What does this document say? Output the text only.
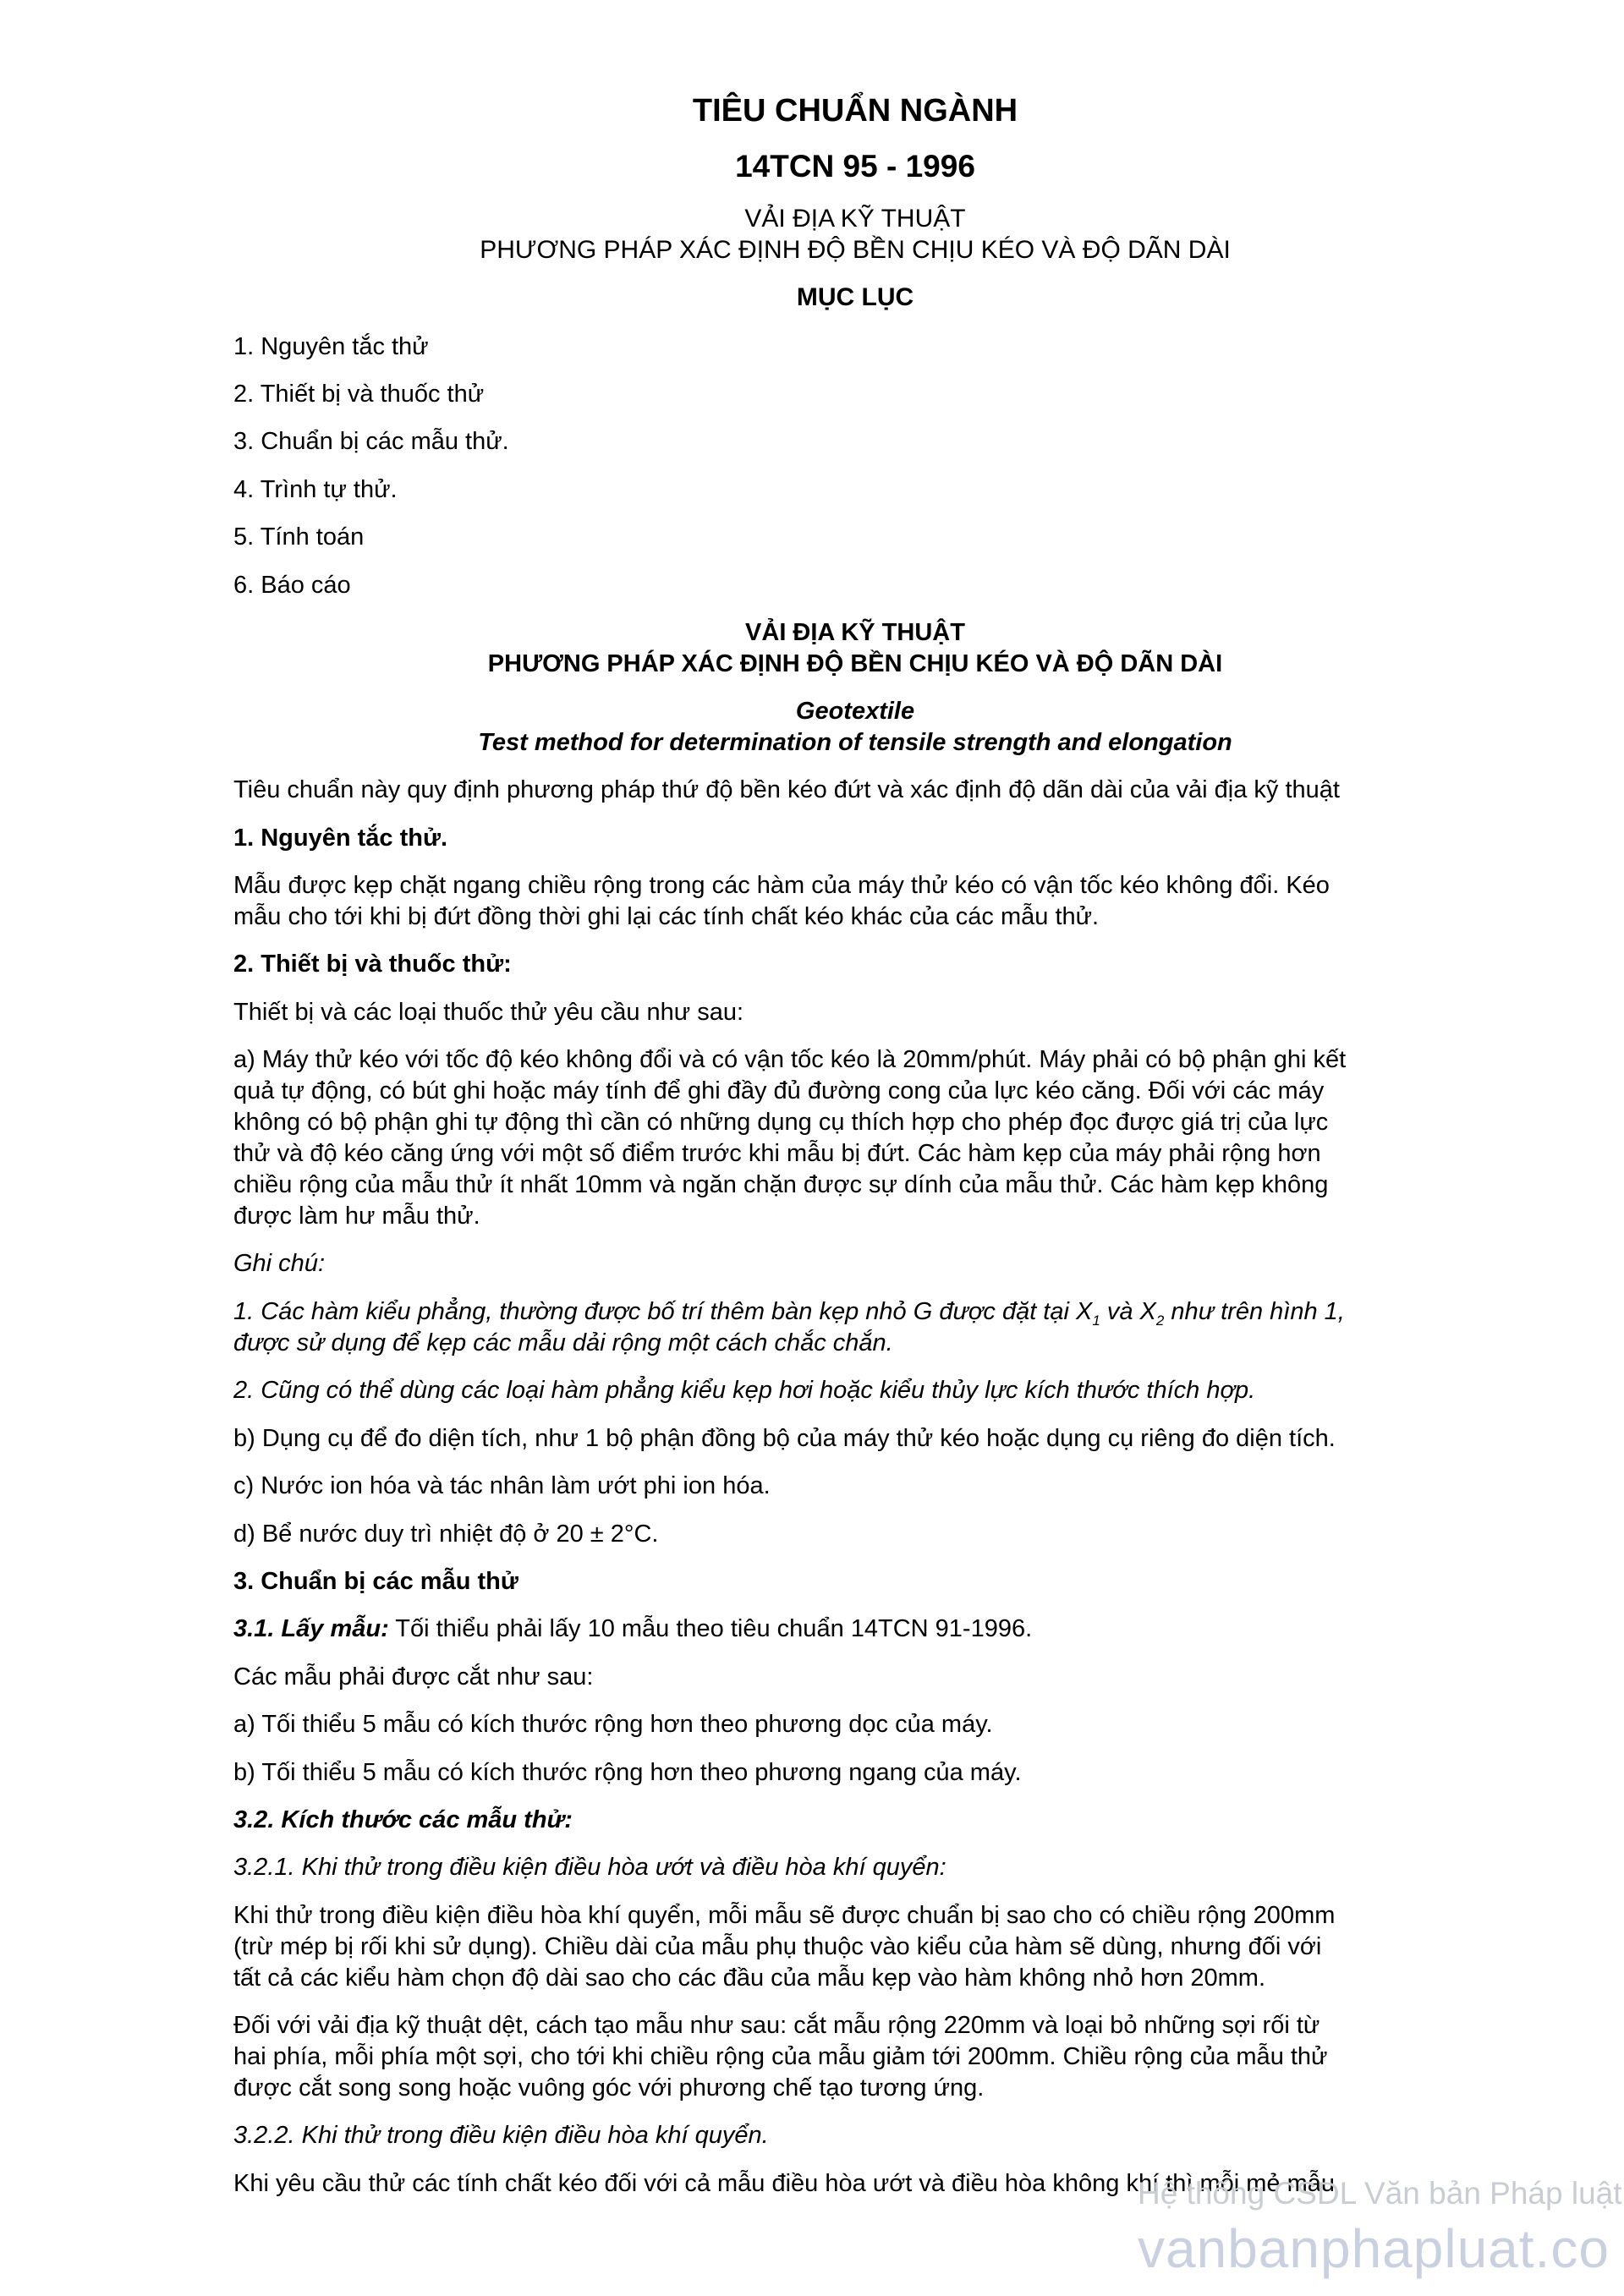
TIÊU CHUẨN NGÀNH
14TCN 95 - 1996
VẢI ĐỊA KỸ THUẬT
PHƯƠNG PHÁP XÁC ĐỊNH ĐỘ BỀN CHỊU KÉO VÀ ĐỘ DÃN DÀI
MỤC LỤC

1. Nguyên tắc thử

2. Thiết bị và thuốc thử

3. Chuẩn bị các mẫu thử.

4. Trình tự thử.

5. Tính toán

6. Báo cáo

VẢI ĐỊA KỸ THUẬT

PHƯƠNG PHÁP XÁC ĐỊNH ĐỘ BỀN CHỊU KÉO VÀ ĐỘ DÃN DÀI

Geotextile

Test method for determination of tensile strength and elongation

Tiêu chuẩn này quy định phương pháp thứ độ bền kéo đứt và xác định độ dãn dài của vải địa kỹ thuật

1. Nguyên tắc thử.

Mẫu được kẹp chặt ngang chiều rộng trong các hàm của máy thử kéo có vận tốc kéo không đổi. Kéo

mẫu cho tới khi bị đứt đồng thời ghi lại các tính chất kéo khác của các mẫu thử.

2. Thiết bị và thuốc thử:

Thiết bị và các loại thuốc thử yêu cầu như sau:

a) Máy thử kéo với tốc độ kéo không đổi và có vận tốc kéo là 20mm/phút. Máy phải có bộ phận ghi kết

quả tự động, có bút ghi hoặc máy tính để ghi đầy đủ đường cong của lực kéo căng. Đối với các máy

không có bộ phận ghi tự động thì cần có những dụng cụ thích hợp cho phép đọc được giá trị của lực

thử và độ kéo căng ứng với một số điểm trước khi mẫu bị đứt. Các hàm kẹp của máy phải rộng hơn

chiều rộng của mẫu thử ít nhất 10mm và ngăn chặn được sự dính của mẫu thử. Các hàm kẹp không

được làm hư mẫu thử.

Ghi chú:

1. Các hàm kiểu phẳng, thường được bố trí thêm bàn kẹp nhỏ G được đặt tại $X_1$ và $X_2$ như trên hình 1,

được sử dụng để kẹp các mẫu dải rộng một cách chắc chắn.

2. Cũng có thể dùng các loại hàm phẳng kiểu kẹp hơi hoặc kiểu thủy lực kích thước thích hợp.

b) Dụng cụ để đo diện tích, như 1 bộ phận đồng bộ của máy thử kéo hoặc dụng cụ riêng đo diện tích.

c) Nước ion hóa và tác nhân làm ướt phi ion hóa.

d) Bể nước duy trì nhiệt độ ở 20 ± 2°C.

3. Chuẩn bị các mẫu thử

3.1. Lấy mẫu: Tối thiểu phải lấy 10 mẫu theo tiêu chuẩn 14TCN 91-1996.

Các mẫu phải được cắt như sau:

a) Tối thiểu 5 mẫu có kích thước rộng hơn theo phương dọc của máy.

b) Tối thiểu 5 mẫu có kích thước rộng hơn theo phương ngang của máy.

3.2. Kích thước các mẫu thử:

3.2.1. Khi thử trong điều kiện điều hòa ướt và điều hòa khí quyển:

Khi thử trong điều kiện điều hòa khí quyển, mỗi mẫu sẽ được chuẩn bị sao cho có chiều rộng 200mm

(trừ mép bị rối khi sử dụng). Chiều dài của mẫu phụ thuộc vào kiểu của hàm sẽ dùng, nhưng đối với

tất cả các kiểu hàm chọn độ dài sao cho các đầu của mẫu kẹp vào hàm không nhỏ hơn 20mm.

Đối với vải địa kỹ thuật dệt, cách tạo mẫu như sau: cắt mẫu rộng 220mm và loại bỏ những sợi rối từ

hai phía, mỗi phía một sợi, cho tới khi chiều rộng của mẫu giảm tới 200mm. Chiều rộng của mẫu thử

được cắt song song hoặc vuông góc với phương chế tạo tương ứng.

3.2.2. Khi thử trong điều kiện điều hòa khí quyển.

Khi yêu cầu thử các tính chất kéo đối với cả mẫu điều hòa ướt và điều hòa không khí thì mỗi mẻ mẫu

Hệ thống CSDL Văn bản Pháp luật
vanbanphapluat.co
